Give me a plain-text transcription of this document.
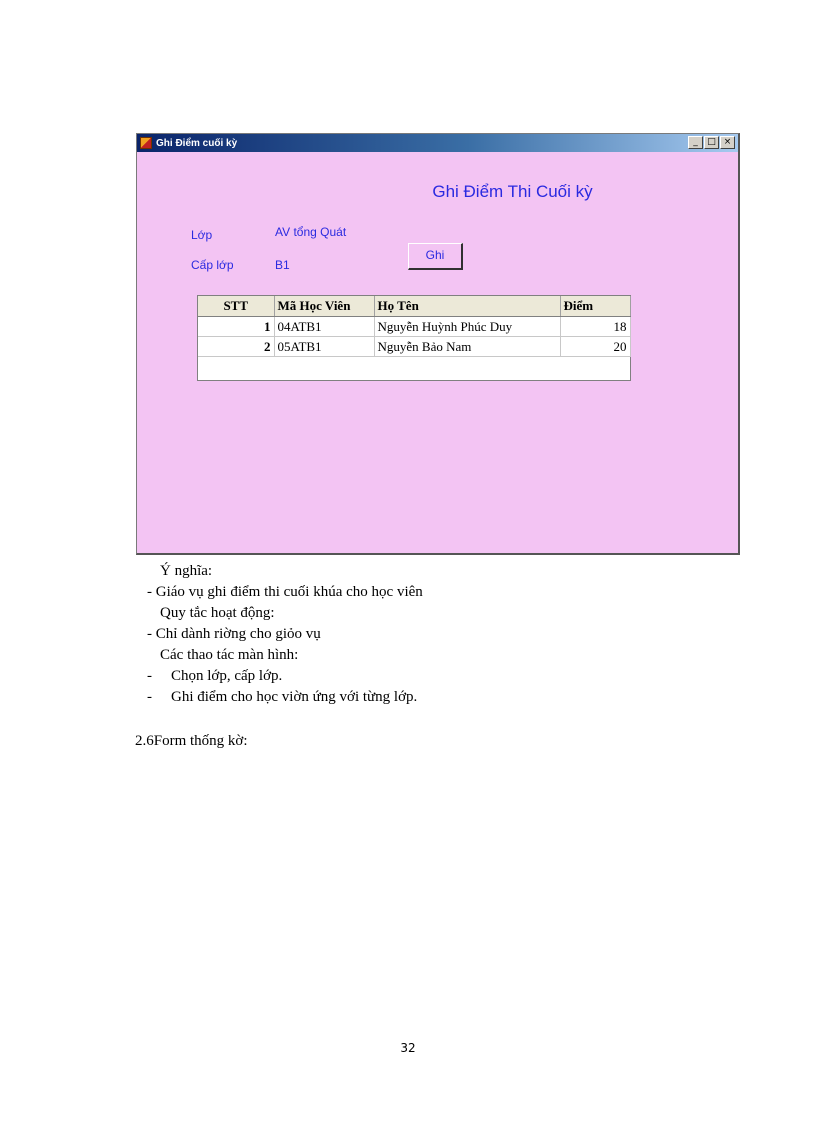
Ghi Điểm cuối kỳ	_	□ ×
Ghi Điểm Thi Cuối kỳ
Lớp	AV tổng Quát
Cấp lớp	B1
Ghi
STT	Mã Học Viên	Họ Tên	Điểm
1	04ATB1	Nguyễn Huỳnh Phúc Duy	18
2	05ATB1	Nguyễn Bảo Nam	20
Ý nghĩa:
- Giáo vụ ghi điểm thi cuối khúa cho học viên
Quy tắc hoạt động:
- Chỉ dành riờng cho giỏo vụ
Các thao tác màn hình:
- Chọn lớp, cấp lớp.
- Ghi điểm cho học viờn ứng với từng lớp.
2.6Form thống kờ:
32
